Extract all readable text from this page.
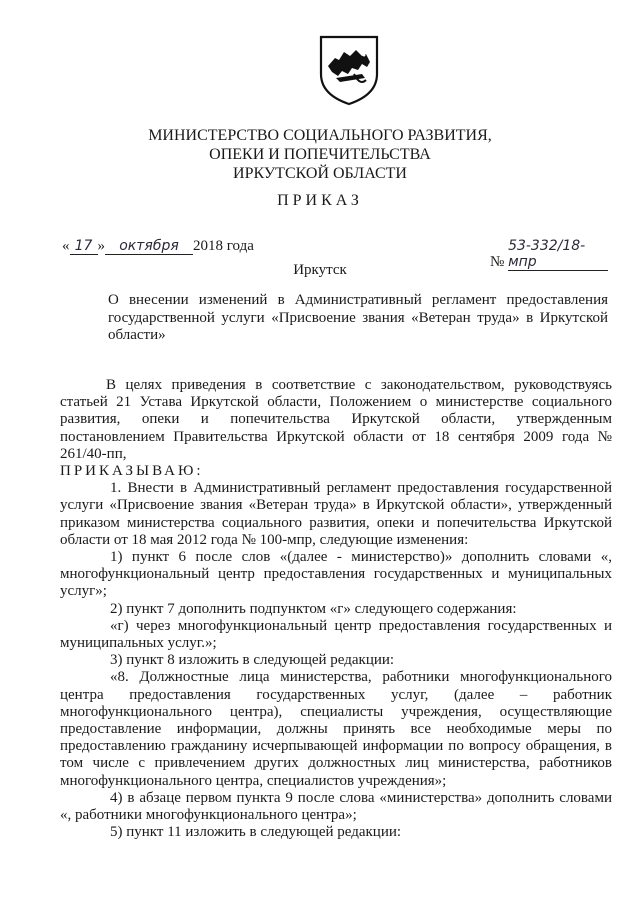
МИНИСТЕРСТВО СОЦИАЛЬНОГО РАЗВИТИЯ,
ОПЕКИ И ПОПЕЧИТЕЛЬСТВА
ИРКУТСКОЙ ОБЛАСТИ
ПРИКАЗ
« 17 » октября 2018 года
№ 53-332/18-мпр
Иркутск
О внесении изменений в Административный регламент предоставления государственной услуги «Присвоение звания «Ветеран труда» в Иркутской области»

В целях приведения в соответствие с законодательством, руководствуясь статьей 21 Устава Иркутской области, Положением о министерстве социального развития, опеки и попечительства Иркутской области, утвержденным постановлением Правительства Иркутской области от 18 сентября 2009 года № 261/40-пп,

ПРИКАЗЫВАЮ:

1. Внести в Административный регламент предоставления государственной услуги «Присвоение звания «Ветеран труда» в Иркутской области», утвержденный приказом министерства социального развития, опеки и попечительства Иркутской области от 18 мая 2012 года № 100-мпр, следующие изменения:

1) пункт 6 после слов «(далее - министерство)» дополнить словами «, многофункциональный центр предоставления государственных и муниципальных услуг»;

2) пункт 7 дополнить подпунктом «г» следующего содержания:

«г) через многофункциональный центр предоставления государственных и муниципальных услуг.»;

3) пункт 8 изложить в следующей редакции:

«8. Должностные лица министерства, работники многофункционального центра предоставления государственных услуг, (далее – работник многофункционального центра), специалисты учреждения, осуществляющие предоставление информации, должны принять все необходимые меры по предоставлению гражданину исчерпывающей информации по вопросу обращения, в том числе с привлечением других должностных лиц министерства, работников многофункционального центра, специалистов учреждения»;

4) в абзаце первом пункта 9 после слова «министерства» дополнить словами «, работники многофункционального центра»;

5) пункт 11 изложить в следующей редакции:
